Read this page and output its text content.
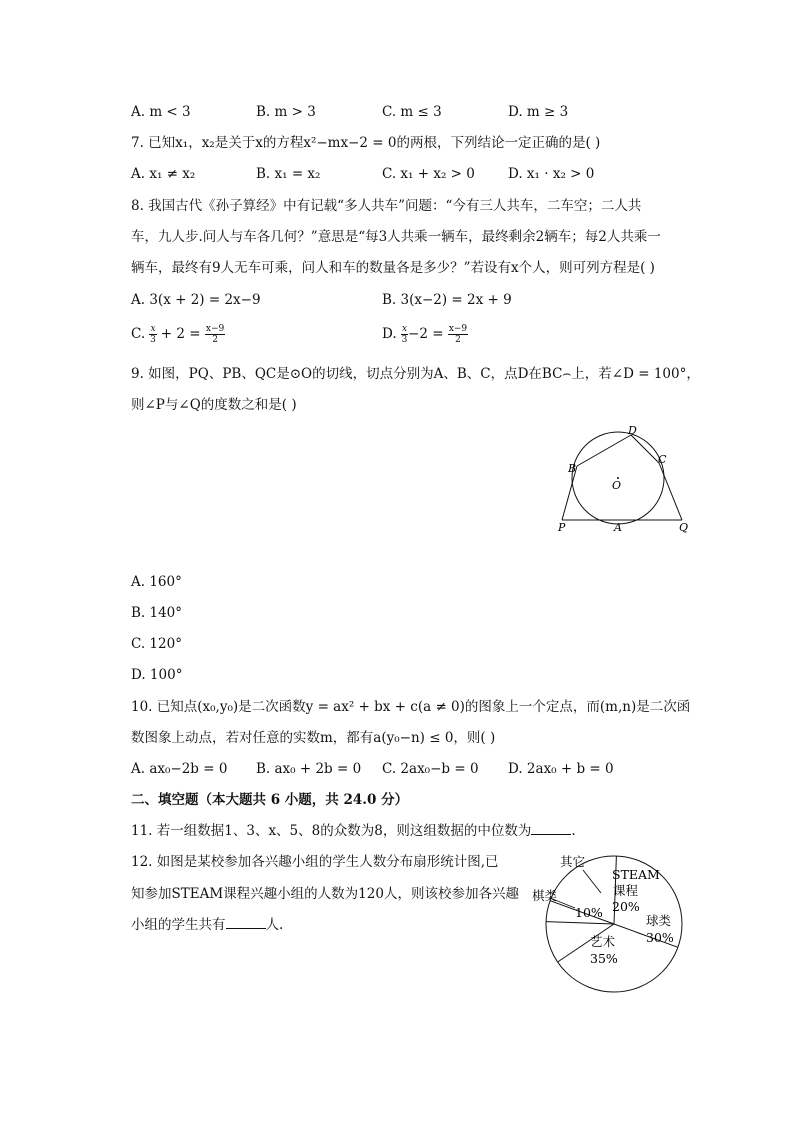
A. m < 3	B. m > 3	C. m ≤ 3	D. m ≥ 3
7. 已知x₁，x₂是关于x的方程x²−mx−2 = 0的两根，下列结论一定正确的是( )
A. x₁ ≠ x₂	B. x₁ = x₂	C. x₁ + x₂ > 0 D. x₁ · x₂ > 0
8. 我国古代《孙子算经》中有记载“多人共车”问题：“今有三人共车，二车空；二人共
车，九人步.问人与车各几何？”意思是“每3人共乘一辆车，最终剩余2辆车；每2人共乘一
辆车，最终有9人无车可乘，问人和车的数量各是多少？”若设有x个人，则可列方程是( )
A. 3(x + 2) = 2x−9	B. 3(x−2) = 2x + 9
C. $\frac{x}{3} + 2 = \frac{x-9}{2}$	D. $\frac{x}{3} -2 = \frac{x-9}{2}$
9. 如图，PQ、PB、QC是⊙O的切线，切点分别为A、B、C，点D在BC⌢上，若∠D = 100°，
则∠P与∠Q的度数之和是( )
D
B
C
O
P	A	Q
A. 160°
B. 140°
C. 120°
D. 100°
10. 已知点(x₀,y₀)是二次函数y = ax² + bx + c(a ≠ 0)的图象上一个定点，而(m,n)是二次函
数图象上动点，若对任意的实数m，都有a(y₀−n) ≤ 0，则( )
A. ax₀−2b = 0 B. ax₀ + 2b = 0 C. 2ax₀−b = 0 D. 2ax₀ + b = 0
二、填空题（本大题共 6 小题，共 24.0 分）
11. 若一组数据1、3、x、5、8的众数为8，则这组数据的中位数为	.
12. 如图是某校参加各兴趣小组的学生人数分布扇形统计图,已
知参加STEAM课程兴趣小组的人数为120人，则该校参加各兴趣
小组的学生共有	人.
其它
棋类
STEAM
课程
20%
10%
球类
30%
艺术
35%
